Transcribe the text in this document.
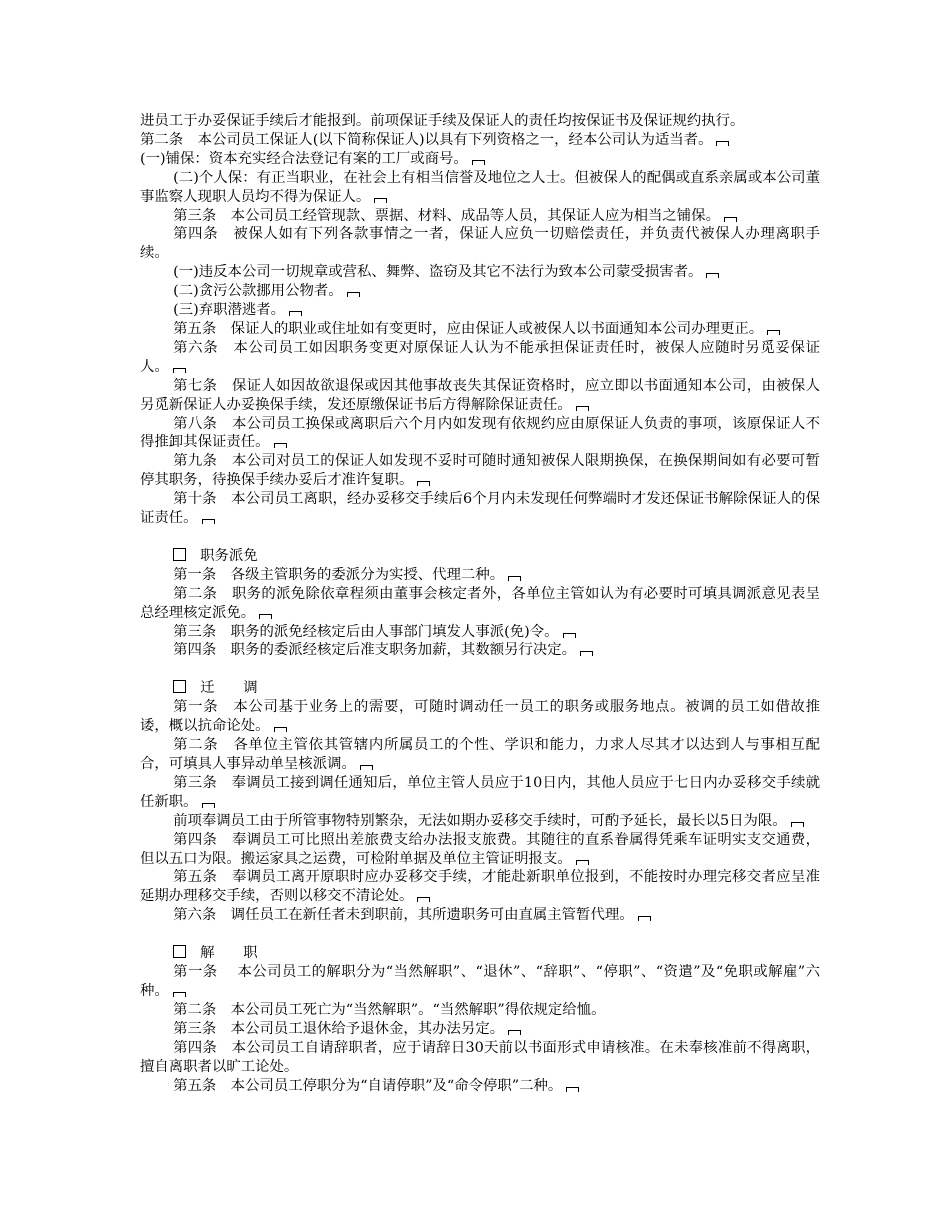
进员工于办妥保证手续后才能报到。前项保证手续及保证人的责任均按保证书及保证规约执行。

第二条　本公司员工保证人(以下简称保证人)以具有下列资格之一，经本公司认为适当者。

(一)铺保：资本充实经合法登记有案的工厂或商号。

(二)个人保：有正当职业，在社会上有相当信誉及地位之人士。但被保人的配偶或直系亲属或本公司董事监察人现职人员均不得为保证人。

第三条　本公司员工经管现款、票据、材料、成品等人员，其保证人应为相当之铺保。

第四条　被保人如有下列各款事情之一者，保证人应负一切赔偿责任，并负责代被保人办理离职手续。

(一)违反本公司一切规章或营私、舞弊、盗窃及其它不法行为致本公司蒙受损害者。

(二)贪污公款挪用公物者。

(三)弃职潜逃者。

第五条　保证人的职业或住址如有变更时，应由保证人或被保人以书面通知本公司办理更正。

第六条　本公司员工如因职务变更对原保证人认为不能承担保证责任时，被保人应随时另觅妥保证人。

第七条　保证人如因故欲退保或因其他事故丧失其保证资格时，应立即以书面通知本公司，由被保人另觅新保证人办妥换保手续，发还原缴保证书后方得解除保证责任。

第八条　本公司员工换保或离职后六个月内如发现有依规约应由原保证人负责的事项，该原保证人不得推卸其保证责任。

第九条　本公司对员工的保证人如发现不妥时可随时通知被保人限期换保，在换保期间如有必要可暂停其职务，待换保手续办妥后才准许复职。

第十条　本公司员工离职，经办妥移交手续后6个月内未发现任何弊端时才发还保证书解除保证人的保证责任。

职务派免

第一条　各级主管职务的委派分为实授、代理二种。

第二条　职务的派免除依章程须由董事会核定者外，各单位主管如认为有必要时可填具调派意见表呈总经理核定派免。

第三条　职务的派免经核定后由人事部门填发人事派(免)令。

第四条　职务的委派经核定后准支职务加薪，其数额另行决定。

迁　　调

第一条　本公司基于业务上的需要，可随时调动任一员工的职务或服务地点。被调的员工如借故推诿，概以抗命论处。

第二条　各单位主管依其管辖内所属员工的个性、学识和能力，力求人尽其才以达到人与事相互配合，可填具人事异动单呈核派调。

第三条　奉调员工接到调任通知后，单位主管人员应于10日内，其他人员应于七日内办妥移交手续就任新职。

前项奉调员工由于所管事物特别繁杂，无法如期办妥移交手续时，可酌予延长，最长以5日为限。

第四条　奉调员工可比照出差旅费支给办法报支旅费。其随往的直系眷属得凭乘车证明实支交通费，但以五口为限。搬运家具之运费，可检附单据及单位主管证明报支。

第五条　奉调员工离开原职时应办妥移交手续，才能赴新职单位报到，不能按时办理完移交者应呈准延期办理移交手续，否则以移交不清论处。

第六条　调任员工在新任者未到职前，其所遗职务可由直属主管暂代理。

解　　职

第一条　 本公司员工的解职分为“当然解职”、“退休”、“辞职”、“停职”、“资遣”及“免职或解雇”六种。

第二条　本公司员工死亡为“当然解职”。“当然解职”得依规定给恤。

第三条　本公司员工退休给予退休金，其办法另定。

第四条　本公司员工自请辞职者，应于请辞日30天前以书面形式申请核准。在未奉核准前不得离职，擅自离职者以旷工论处。

第五条　本公司员工停职分为“自请停职”及“命令停职”二种。
